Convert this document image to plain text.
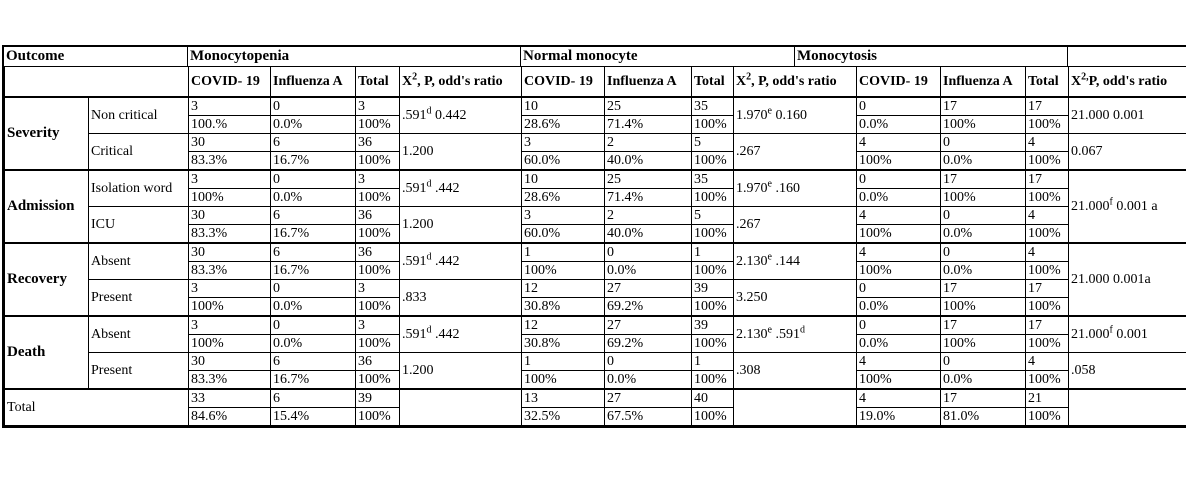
Outcome	Monocytopenia	Normal monocyte	Monocytosis
		COVID- 19	Influenza A	Total	$X^2$, P, odd's ratio	COVID- 19	Influenza A	Total	$X^2$, P, odd's ratio	COVID- 19	Influenza A	Total	$X^{2,}P$, odd's ratio
Severity	Non critical	3	0	3	.591$^d$ 0.442	10	25	35	1.970e 0.160	0	17	17	21.000 0.001
		100.%	0.0%	100%		28.6%	71.4%	100%		0.0%	100%	100%	
	Critical	30	6	36	1.200	3	2	5	.267	4	0	4	0.067
		83.3%	16.7%	100%		60.0%	40.0%	100%		100%	0.0%	100%	
Admission	Isolation word	3	0	3	.591$^d$ .442	10	25	35	1.970e .160	0	17	17	21.000$^f$ 0.001 a
		100%	0.0%	100%		28.6%	71.4%	100%		0.0%	100%	100%	
	ICU	30	6	36	1.200	3	2	5	.267	4	0	4	
		83.3%	16.7%	100%		60.0%	40.0%	100%		100%	0.0%	100%	
Recovery	Absent	30	6	36	.591$^d$ .442	1	0	1	2.130e .144	4	0	4	21.000 0.001a
		83.3%	16.7%	100%		100%	0.0%	100%		100%	0.0%	100%	
	Present	3	0	3	.833	12	27	39	3.250	0	17	17	
		100%	0.0%	100%		30.8%	69.2%	100%		0.0%	100%	100%	
Death	Absent	3	0	3	.591$^d$ .442	12	27	39	2.130e .591$^d$	0	17	17	21.000$^f$ 0.001
		100%	0.0%	100%		30.8%	69.2%	100%		0.0%	100%	100%	
	Present	30	6	36	1.200	1	0	1	.308	4	0	4	.058
		83.3%	16.7%	100%		100%	0.0%	100%		100%	0.0%	100%	
Total		33	6	39		13	27	40		4	17	21	
		84.6%	15.4%	100%		32.5%	67.5%	100%		19.0%	81.0%	100%	
